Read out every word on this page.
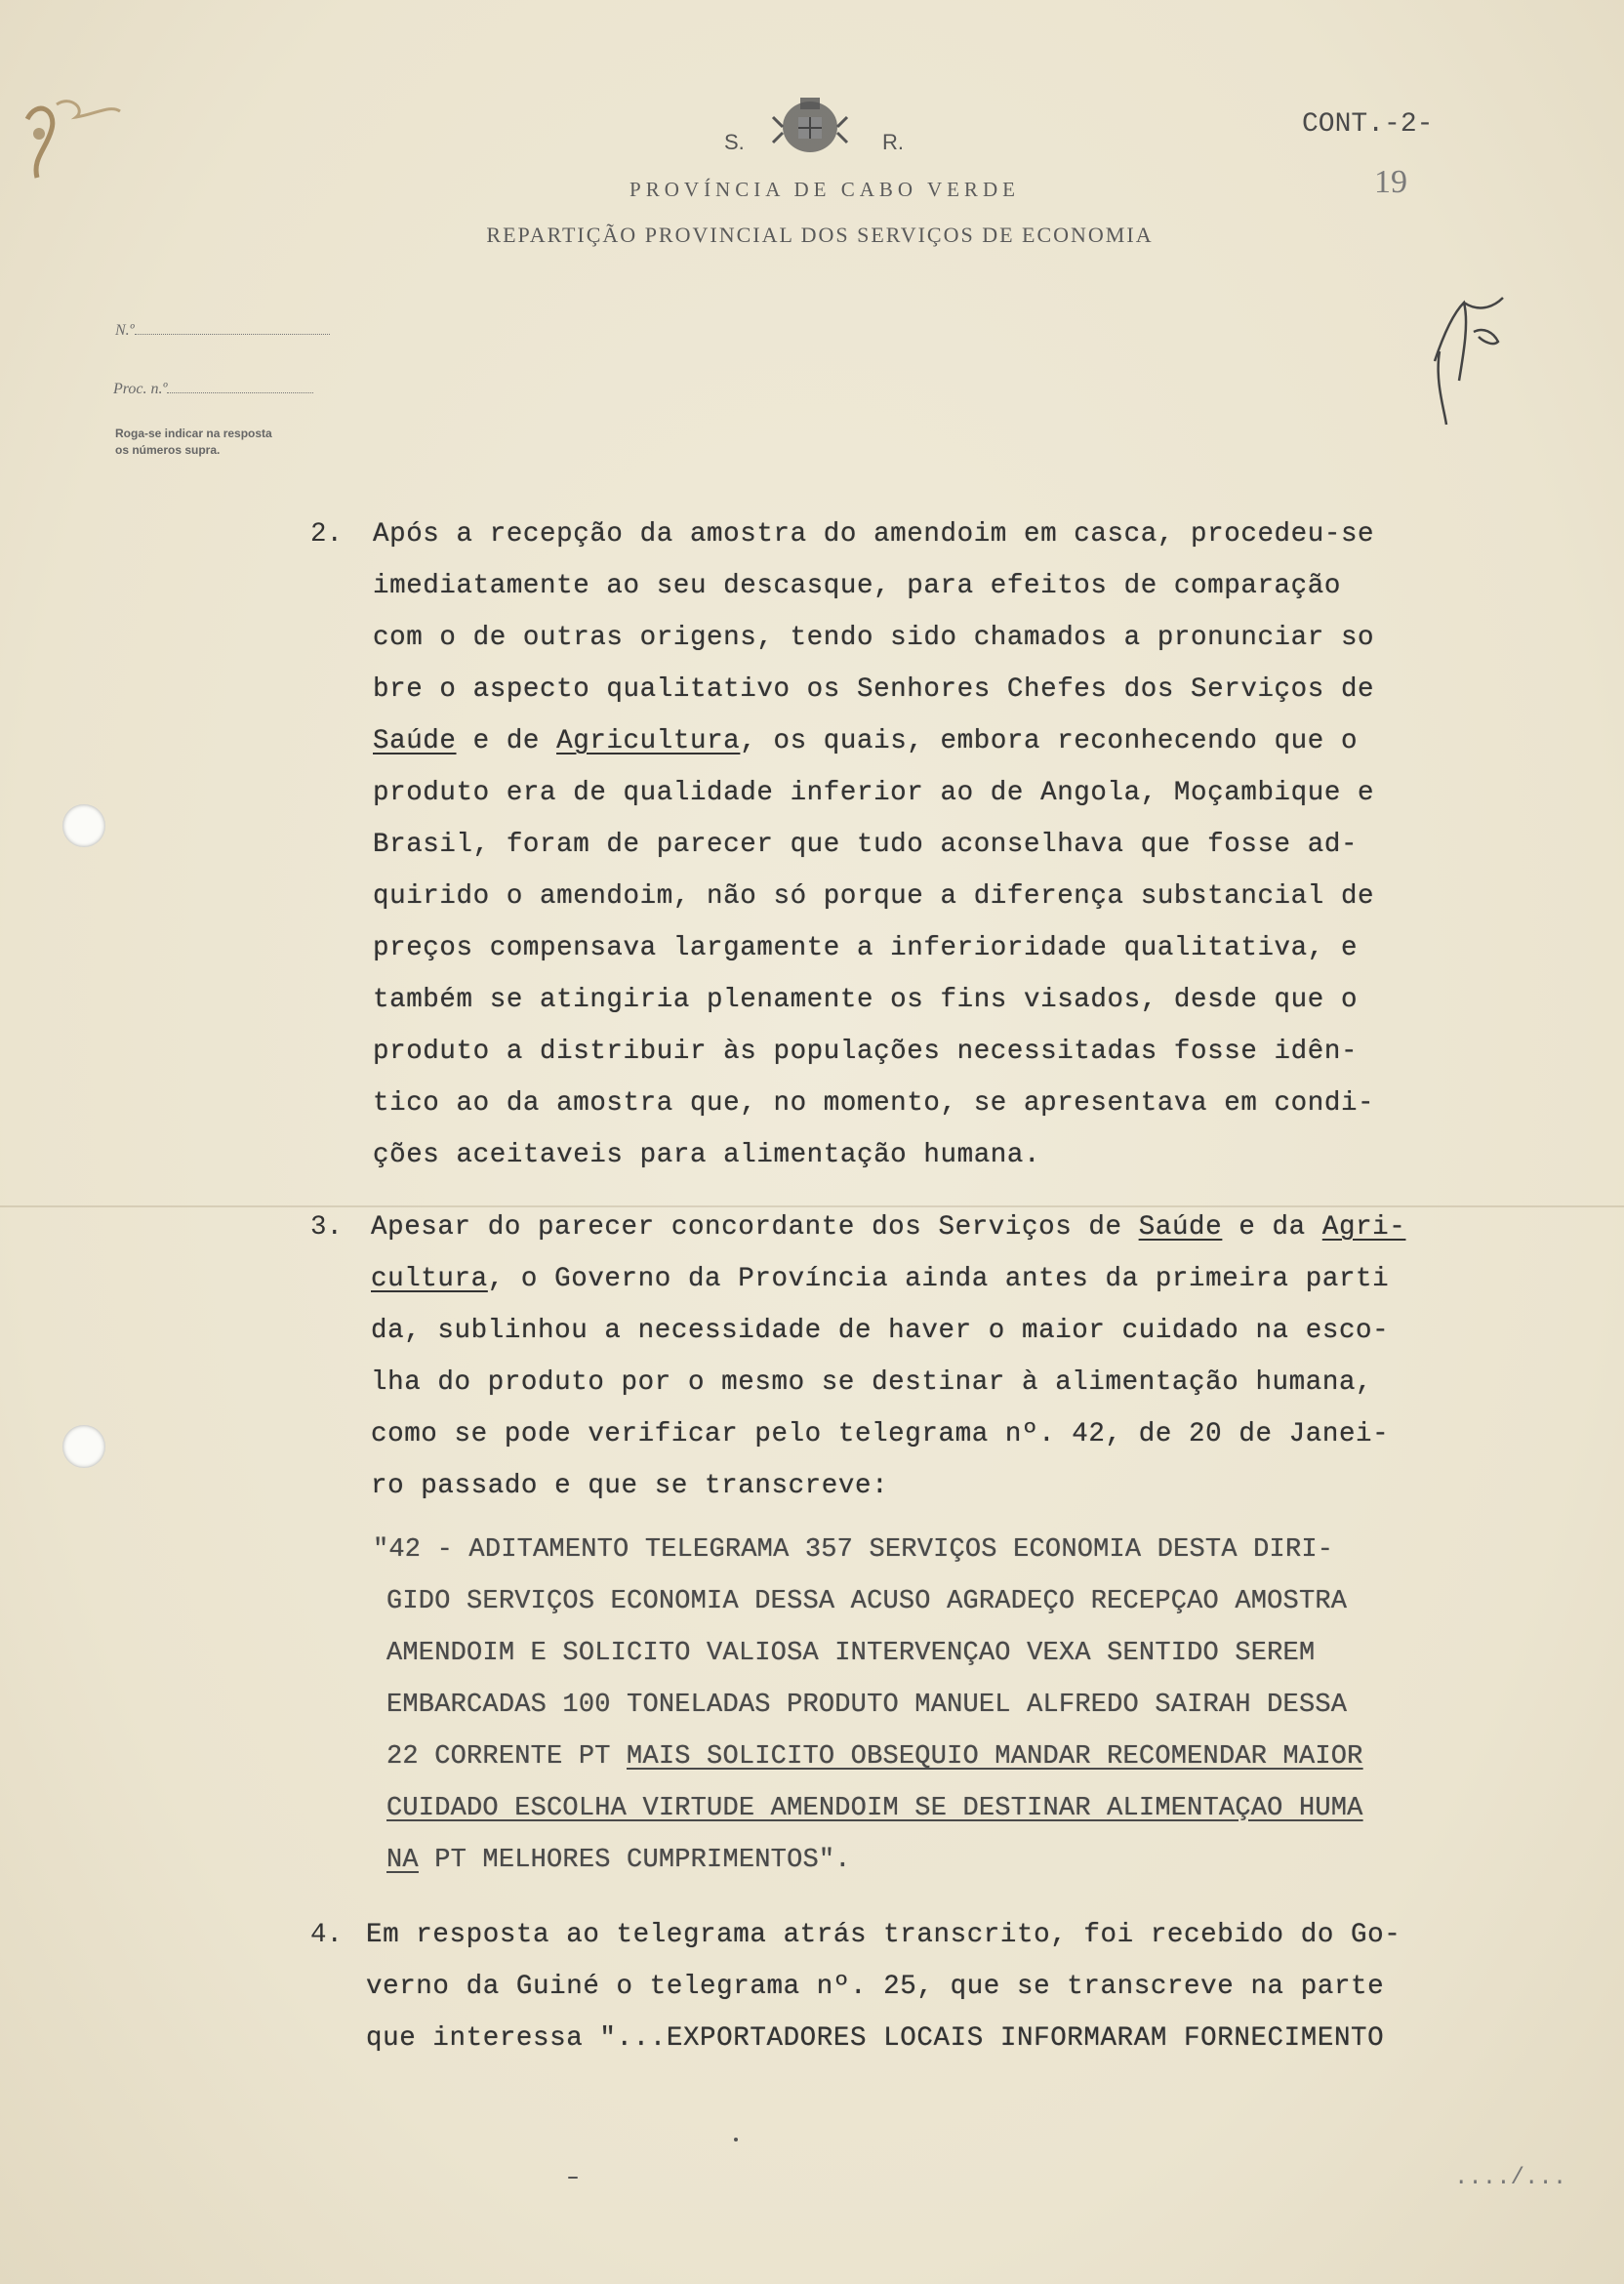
S.	R.
PROVÍNCIA DE CABO VERDE
REPARTIÇÃO PROVINCIAL DOS SERVIÇOS DE ECONOMIA
CONT.-2-
19
N.º
Proc. n.º
Roga-se indicar na resposta
os números supra.
2. Após a recepção da amostra do amendoim em casca, procedeu-se
imediatamente ao seu descasque, para efeitos de comparação
com o de outras origens, tendo sido chamados a pronunciar so
bre o aspecto qualitativo os Senhores Chefes dos Serviços de
Saúde e de Agricultura, os quais, embora reconhecendo que o
produto era de qualidade inferior ao de Angola, Moçambique e
Brasil, foram de parecer que tudo aconselhava que fosse ad-
quirido o amendoim, não só porque a diferença substancial de
preços compensava largamente a inferioridade qualitativa, e
também se atingiria plenamente os fins visados, desde que o
produto a distribuir às populações necessitadas fosse idên-
tico ao da amostra que, no momento, se apresentava em condi-
ções aceitaveis para alimentação humana.
3. Apesar do parecer concordante dos Serviços de Saúde e da Agri-
cultura, o Governo da Província ainda antes da primeira parti
da, sublinhou a necessidade de haver o maior cuidado na esco-
lha do produto por o mesmo se destinar à alimentação humana,
como se pode verificar pelo telegrama nº. 42, de 20 de Janei-
ro passado e que se transcreve:
"42 - ADITAMENTO TELEGRAMA 357 SERVIÇOS ECONOMIA DESTA DIRI-
GIDO SERVIÇOS ECONOMIA DESSA ACUSO AGRADEÇO RECEPÇAO AMOSTRA
AMENDOIM E SOLICITO VALIOSA INTERVENÇAO VEXA SENTIDO SEREM
EMBARCADAS 100 TONELADAS PRODUTO MANUEL ALFREDO SAIRAH DESSA
22 CORRENTE PT MAIS SOLICITO OBSEQUIO MANDAR RECOMENDAR MAIOR
CUIDADO ESCOLHA VIRTUDE AMENDOIM SE DESTINAR ALIMENTAÇAO HUMA
NA PT MELHORES CUMPRIMENTOS".
4. Em resposta ao telegrama atrás transcrito, foi recebido do Go-
verno da Guiné o telegrama nº. 25, que se transcreve na parte
que interessa "...EXPORTADORES LOCAIS INFORMARAM FORNECIMENTO
..../...
